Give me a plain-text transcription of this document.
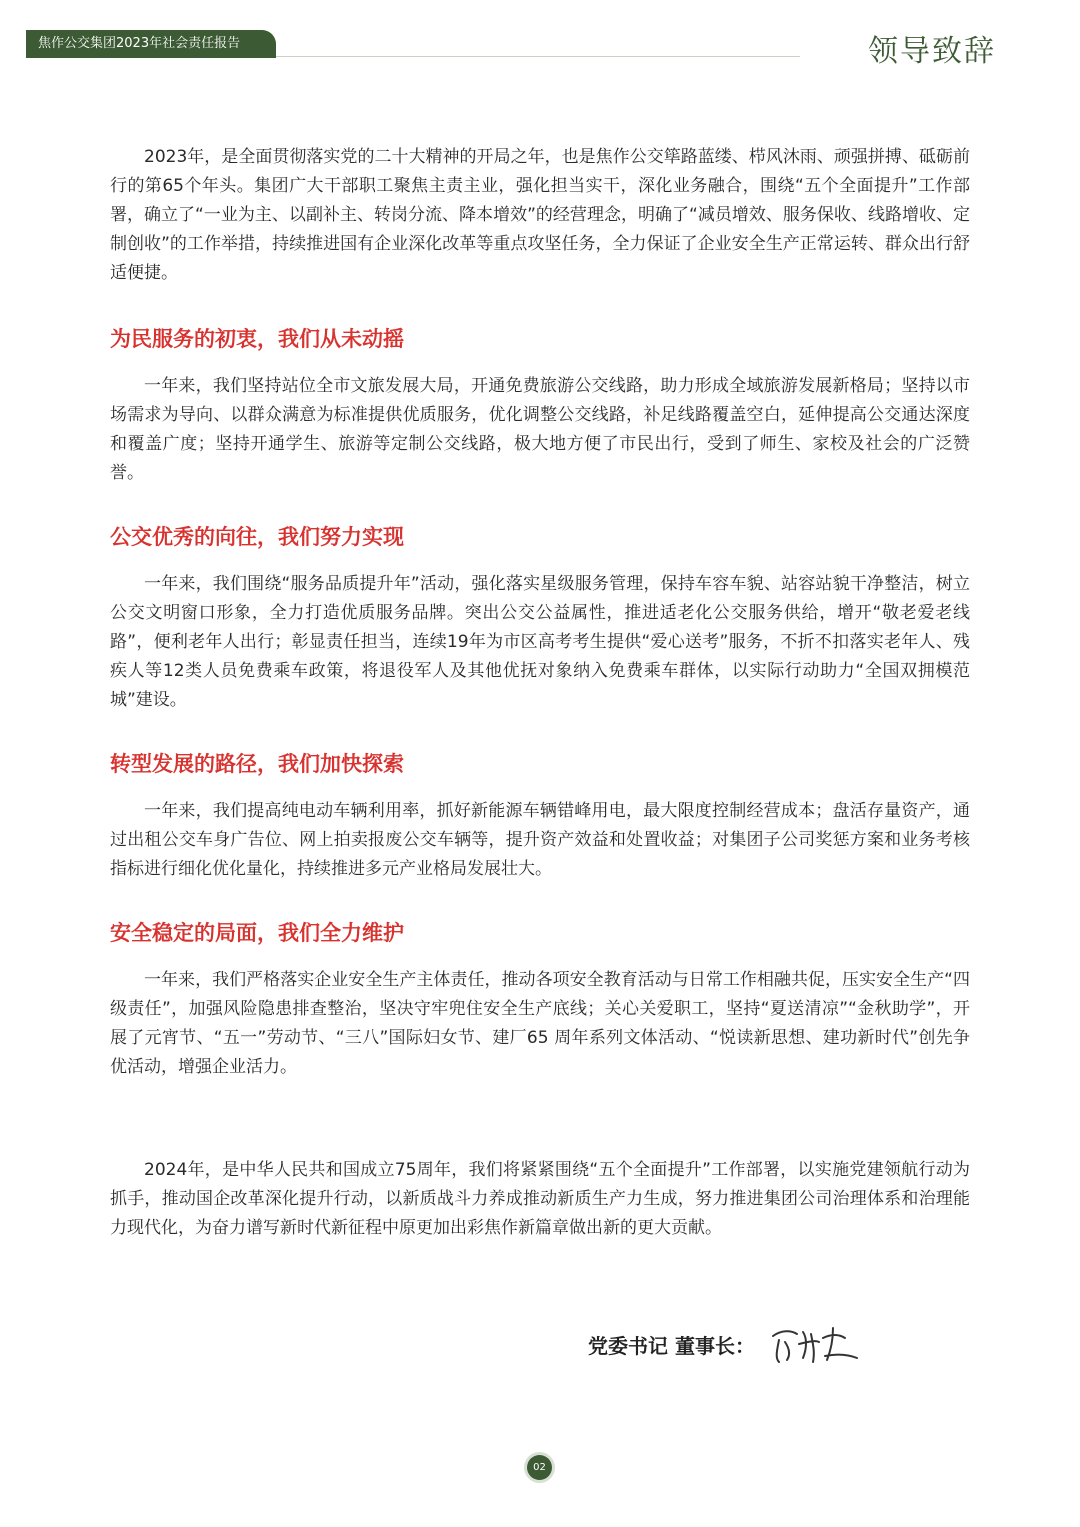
焦作公交集团2023年社会责任报告	领导致辞

2023年，是全面贯彻落实党的二十大精神的开局之年，也是焦作公交筚路蓝缕、栉风沐雨、顽强拼搏、砥砺前行的第65个年头。集团广大干部职工聚焦主责主业，强化担当实干，深化业务融合，围绕“五个全面提升”工作部署，确立了“一业为主、以副补主、转岗分流、降本增效”的经营理念，明确了“减员增效、服务保收、线路增收、定制创收”的工作举措，持续推进国有企业深化改革等重点攻坚任务，全力保证了企业安全生产正常运转、群众出行舒适便捷。

为民服务的初衷，我们从未动摇

一年来，我们坚持站位全市文旅发展大局，开通免费旅游公交线路，助力形成全域旅游发展新格局；坚持以市场需求为导向、以群众满意为标准提供优质服务，优化调整公交线路，补足线路覆盖空白，延伸提高公交通达深度和覆盖广度；坚持开通学生、旅游等定制公交线路，极大地方便了市民出行，受到了师生、家校及社会的广泛赞誉。

公交优秀的向往，我们努力实现

一年来，我们围绕“服务品质提升年”活动，强化落实星级服务管理，保持车容车貌、站容站貌干净整洁，树立公交文明窗口形象，全力打造优质服务品牌。突出公交公益属性，推进适老化公交服务供给，增开“敬老爱老线路”，便利老年人出行；彰显责任担当，连续19年为市区高考考生提供“爱心送考”服务，不折不扣落实老年人、残疾人等12类人员免费乘车政策，将退役军人及其他优抚对象纳入免费乘车群体，以实际行动助力“全国双拥模范城”建设。

转型发展的路径，我们加快探索

一年来，我们提高纯电动车辆利用率，抓好新能源车辆错峰用电，最大限度控制经营成本；盘活存量资产，通过出租公交车身广告位、网上拍卖报废公交车辆等，提升资产效益和处置收益；对集团子公司奖惩方案和业务考核指标进行细化优化量化，持续推进多元产业格局发展壮大。

安全稳定的局面，我们全力维护

一年来，我们严格落实企业安全生产主体责任，推动各项安全教育活动与日常工作相融共促，压实安全生产“四级责任”，加强风险隐患排查整治，坚决守牢兜住安全生产底线；关心关爱职工，坚持“夏送清凉”“金秋助学”，开展了元宵节、“五一”劳动节、“三八”国际妇女节、建厂65 周年系列文体活动、“悦读新思想、建功新时代”创先争优活动，增强企业活力。

2024年，是中华人民共和国成立75周年，我们将紧紧围绕“五个全面提升”工作部署，以实施党建领航行动为抓手，推动国企改革深化提升行动，以新质战斗力养成推动新质生产力生成，努力推进集团公司治理体系和治理能力现代化，为奋力谱写新时代新征程中原更加出彩焦作新篇章做出新的更大贡献。

党委书记 董事长：
02
